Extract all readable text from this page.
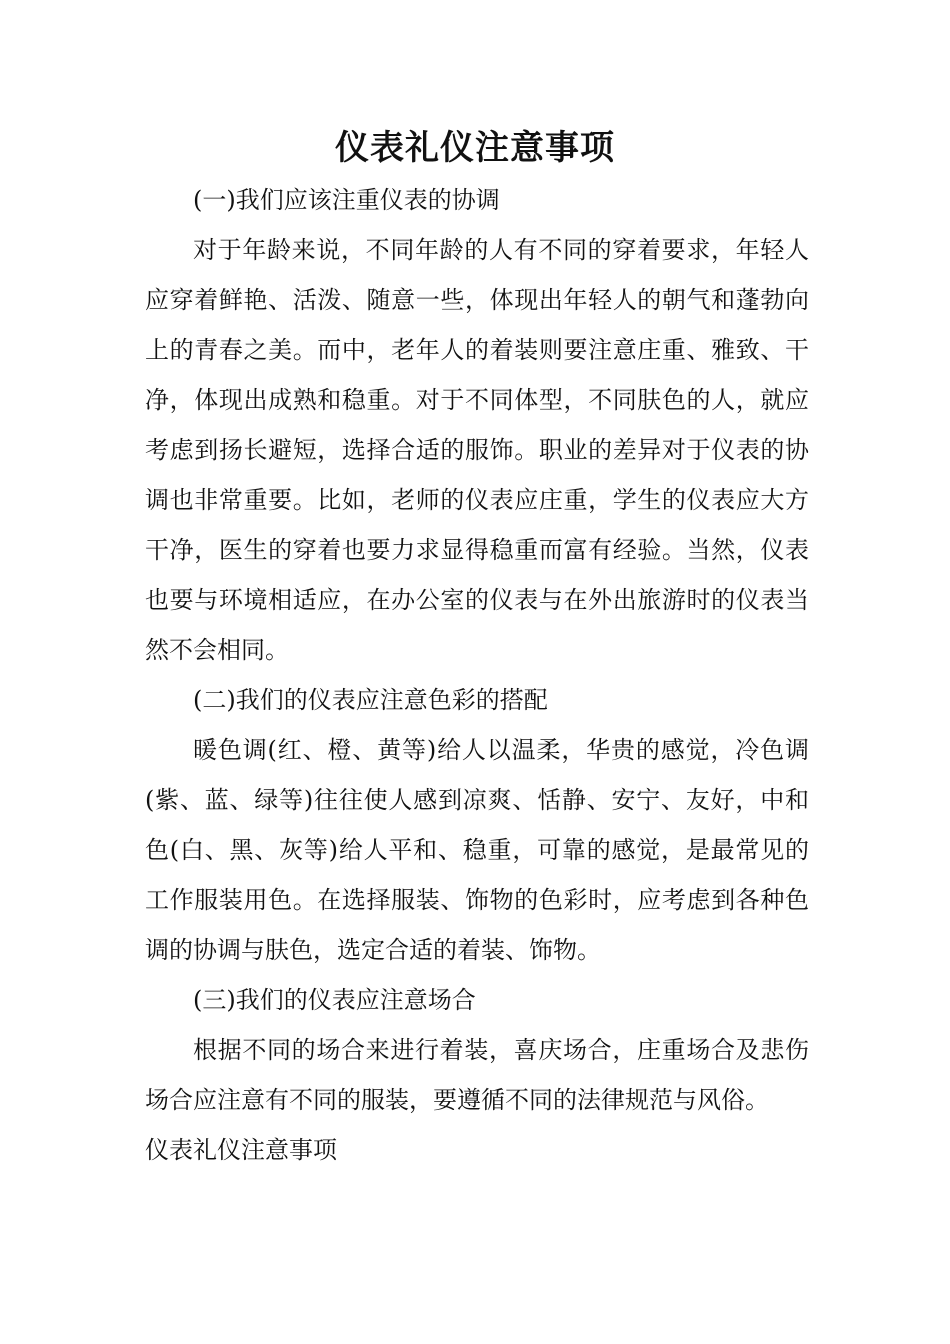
仪表礼仪注意事项

(一)我们应该注重仪表的协调

对于年龄来说，不同年龄的人有不同的穿着要求，年轻人应穿着鲜艳、活泼、随意一些，体现出年轻人的朝气和蓬勃向上的青春之美。而中，老年人的着装则要注意庄重、雅致、干净，体现出成熟和稳重。对于不同体型，不同肤色的人，就应考虑到扬长避短，选择合适的服饰。职业的差异对于仪表的协调也非常重要。比如，老师的仪表应庄重，学生的仪表应大方干净，医生的穿着也要力求显得稳重而富有经验。当然，仪表也要与环境相适应，在办公室的仪表与在外出旅游时的仪表当然不会相同。

(二)我们的仪表应注意色彩的搭配

暖色调(红、橙、黄等)给人以温柔，华贵的感觉，冷色调(紫、蓝、绿等)往往使人感到凉爽、恬静、安宁、友好，中和色(白、黑、灰等)给人平和、稳重，可靠的感觉，是最常见的工作服装用色。在选择服装、饰物的色彩时，应考虑到各种色调的协调与肤色，选定合适的着装、饰物。

(三)我们的仪表应注意场合

根据不同的场合来进行着装，喜庆场合，庄重场合及悲伤场合应注意有不同的服装，要遵循不同的法律规范与风俗。

仪表礼仪注意事项
